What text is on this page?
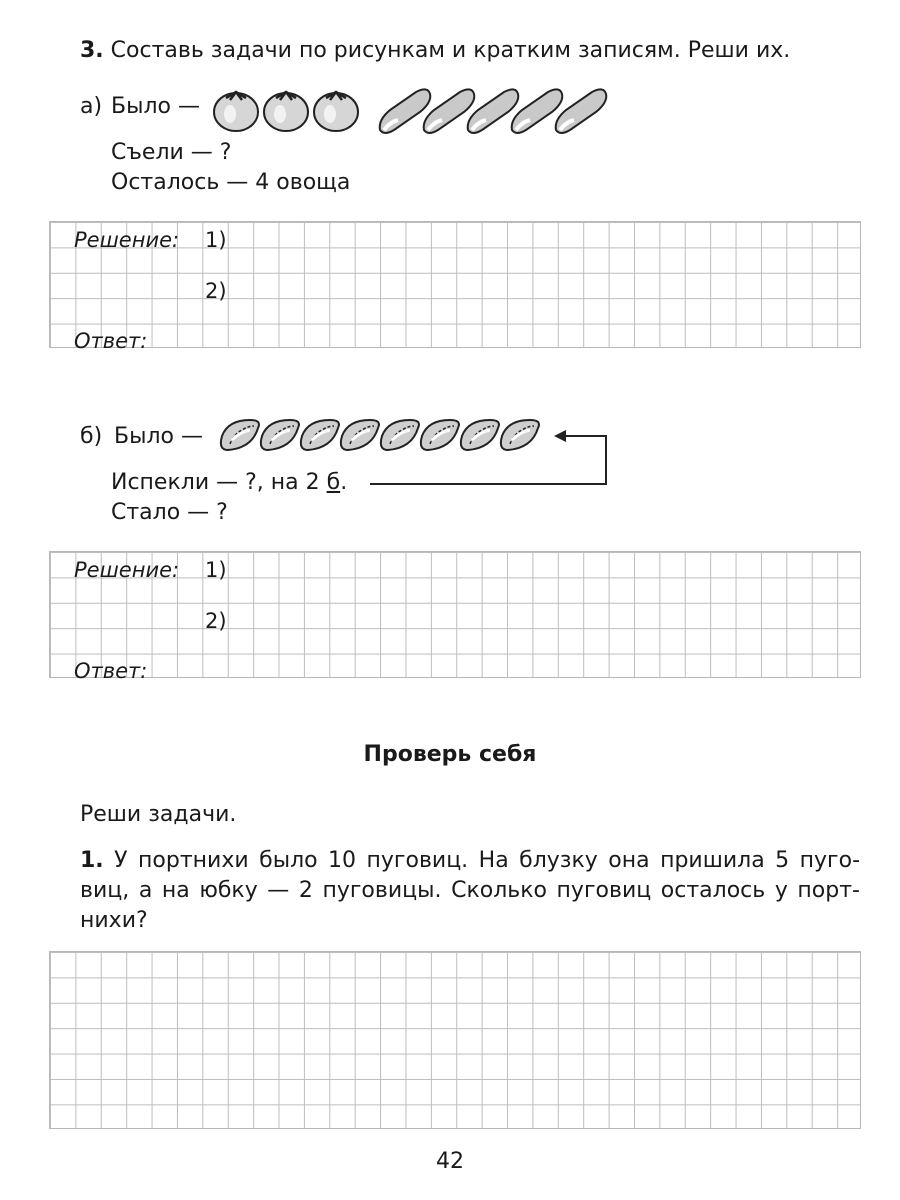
3. Составь задачи по рисункам и кратким записям. Реши их.
а) Было —
Съели — ?
Осталось — 4 овоща
Решение: 1)
2)
Ответ:
б) Было —
Испекли — ?, на 2 б.
Стало — ?
Решение: 1)
2)
Ответ:
Проверь себя
Реши задачи.
1. У портнихи было 10 пуговиц. На блузку она пришила 5 пуговиц, а на юбку — 2 пуговицы. Сколько пуговиц осталось у портнихи?
42
